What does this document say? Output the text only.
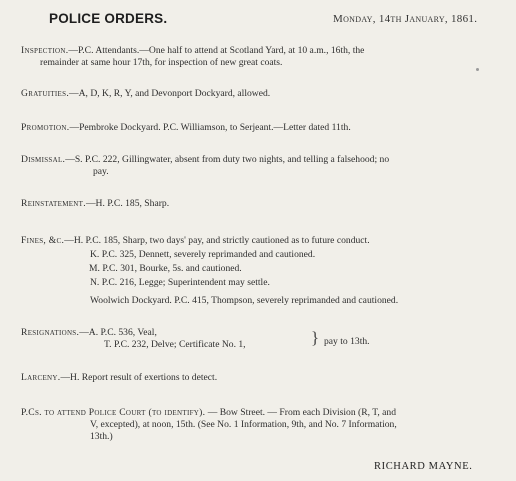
POLICE ORDERS.	Monday, 14th January, 1861.
Inspection.—P.C. Attendants.—One half to attend at Scotland Yard, at 10 a.m., 16th, the
remainder at same hour 17th, for inspection of new great coats.
Gratuities.—A, D, K, R, Y, and Devonport Dockyard, allowed.
Promotion.—Pembroke Dockyard. P.C. Williamson, to Serjeant.—Letter dated 11th.
Dismissal.—S. P.C. 222, Gillingwater, absent from duty two nights, and telling a falsehood; no
pay.
Reinstatement.—H. P.C. 185, Sharp.
Fines, &c.—H. P.C. 185, Sharp, two days' pay, and strictly cautioned as to future conduct.
K. P.C. 325, Dennett, severely reprimanded and cautioned.
M. P.C. 301, Bourke, 5s. and cautioned.
N. P.C. 216, Legge; Superintendent may settle.
Woolwich Dockyard. P.C. 415, Thompson, severely reprimanded and cautioned.
Resignations.—A. P.C. 536, Veal,
T. P.C. 232, Delve; Certificate No. 1,	} pay to 13th.
Larceny.—H. Report result of exertions to detect.
P.Cs. to attend Police Court (to identify). — Bow Street. — From each Division (R, T, and
V, excepted), at noon, 15th. (See No. 1 Information, 9th, and No. 7 Information,
13th.)
RICHARD MAYNE.
